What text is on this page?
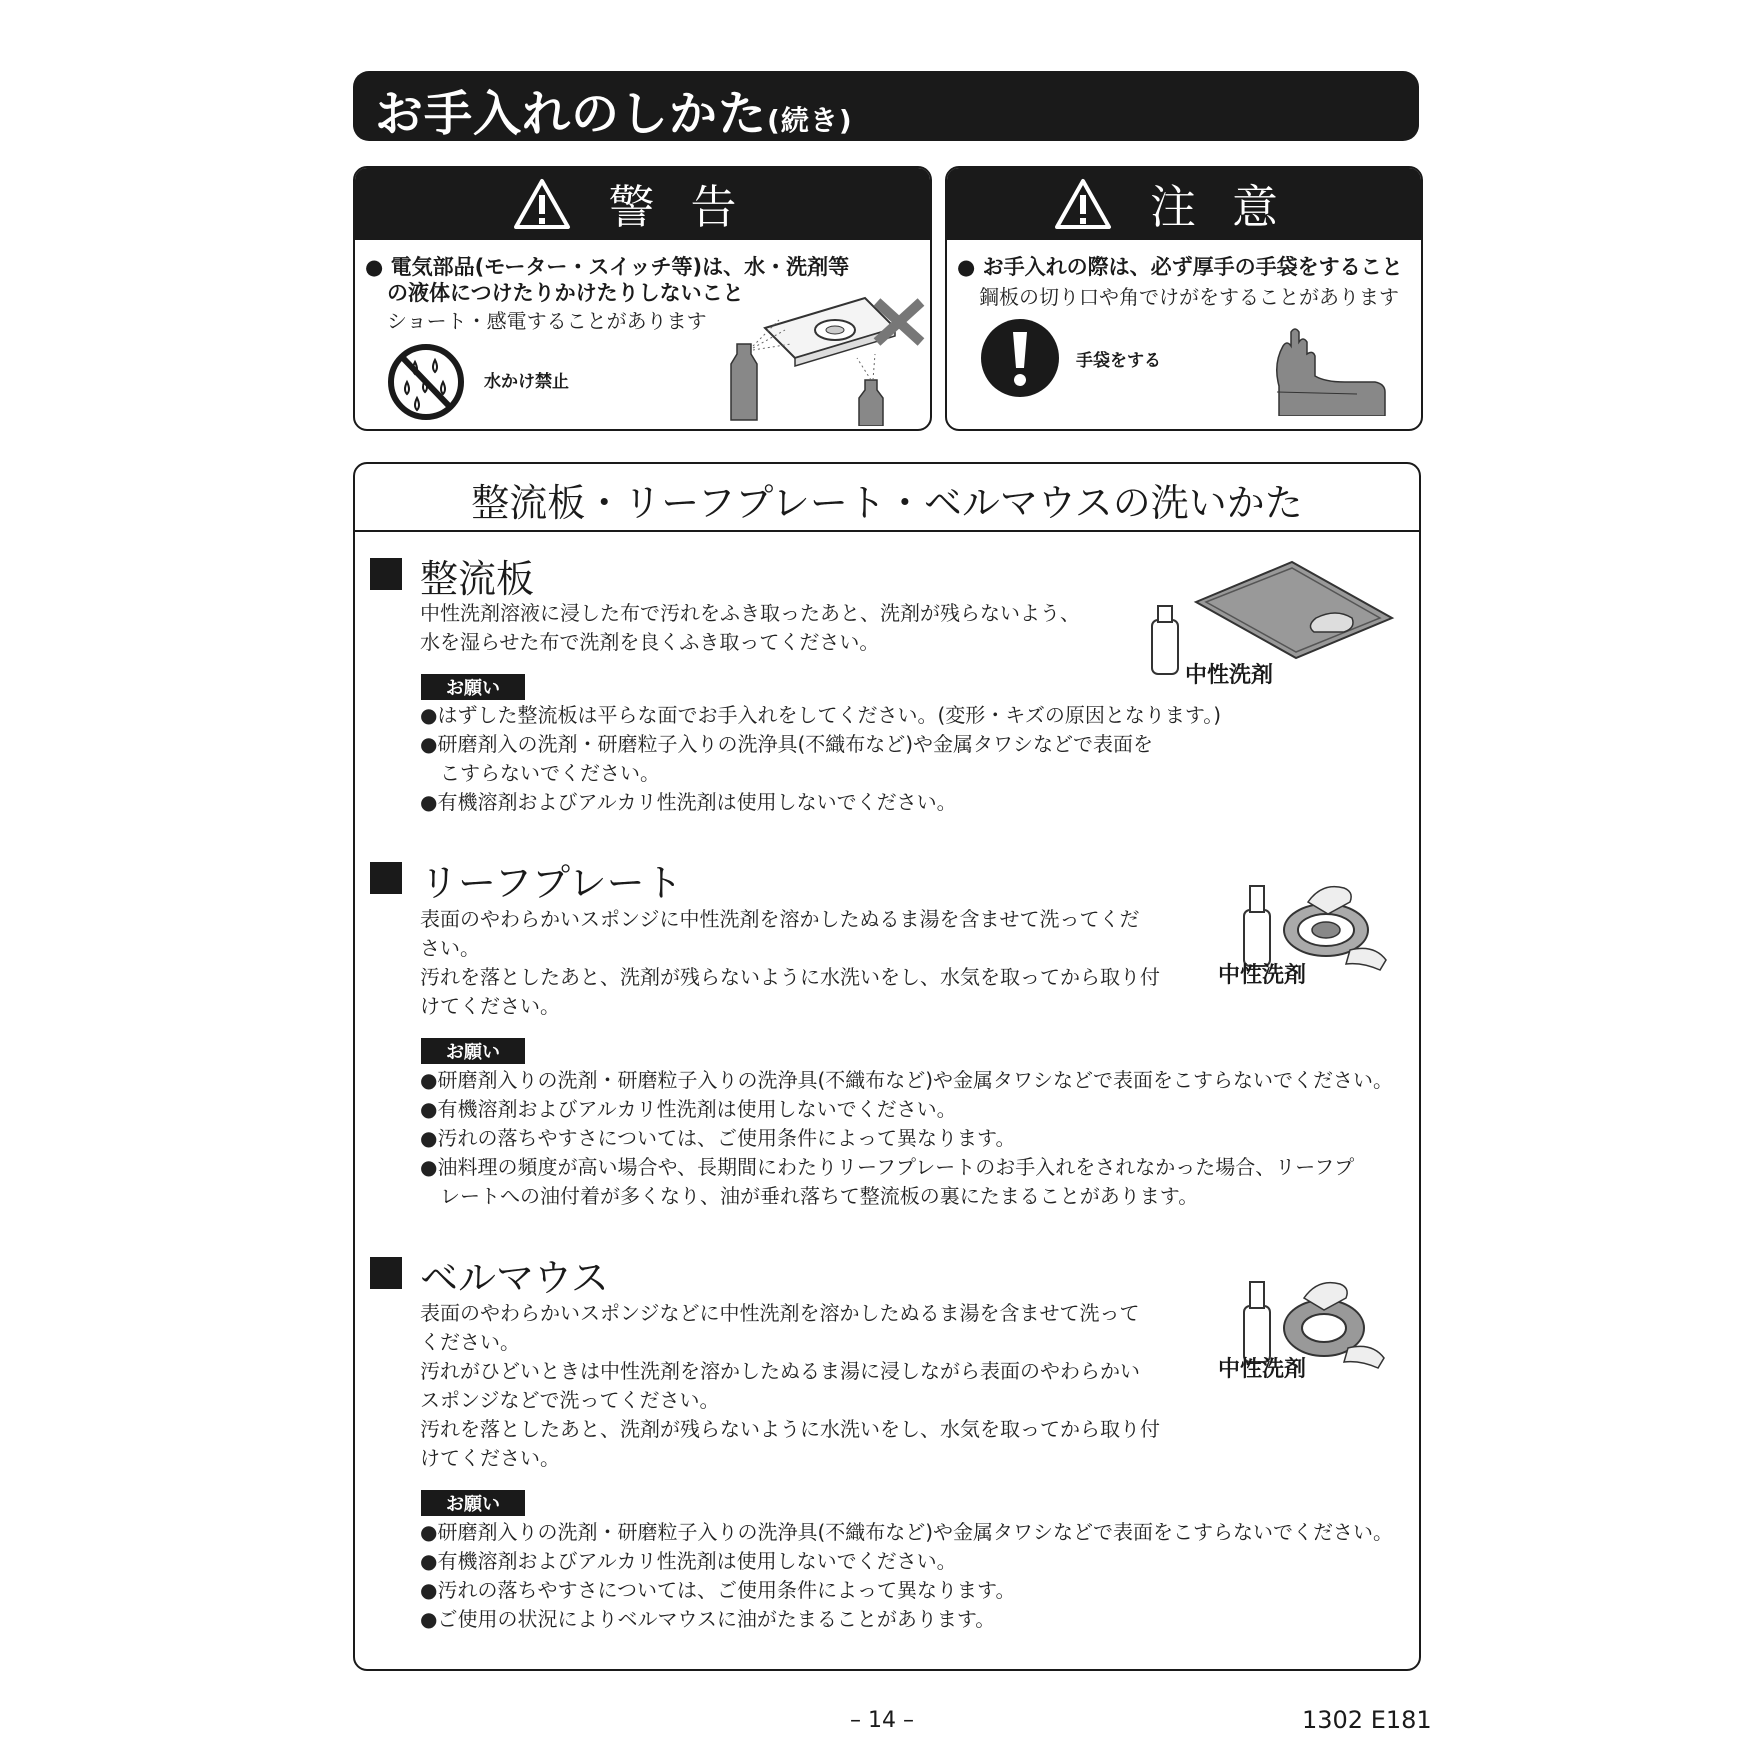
お手入れのしかた(続き)
警告
● 電気部品(モーター・スイッチ等)は、水・洗剤等
の液体につけたりかけたりしないこと
ショート・感電することがあります
水かけ禁止
注意
● お手入れの際は、必ず厚手の手袋をすること
鋼板の切り口や角でけがをすることがあります
手袋をする
整流板・リーフプレート・ベルマウスの洗いかた
整流板
中性洗剤溶液に浸した布で汚れをふき取ったあと、洗剤が残らないよう、
水を湿らせた布で洗剤を良くふき取ってください。
お願い
●はずした整流板は平らな面でお手入れをしてください。(変形・キズの原因となります。)
●研磨剤入の洗剤・研磨粒子入りの洗浄具(不織布など)や金属タワシなどで表面を
　こすらないでください。
●有機溶剤およびアルカリ性洗剤は使用しないでください。
中性洗剤
リーフプレート
表面のやわらかいスポンジに中性洗剤を溶かしたぬるま湯を含ませて洗ってくだ
さい。
汚れを落としたあと、洗剤が残らないように水洗いをし、水気を取ってから取り付
けてください。
お願い
●研磨剤入りの洗剤・研磨粒子入りの洗浄具(不織布など)や金属タワシなどで表面をこすらないでください。
●有機溶剤およびアルカリ性洗剤は使用しないでください。
●汚れの落ちやすさについては、ご使用条件によって異なります。
●油料理の頻度が高い場合や、長期間にわたりリーフプレートのお手入れをされなかった場合、リーフプ
　レートへの油付着が多くなり、油が垂れ落ちて整流板の裏にたまることがあります。
中性洗剤
ベルマウス
表面のやわらかいスポンジなどに中性洗剤を溶かしたぬるま湯を含ませて洗って
ください。
汚れがひどいときは中性洗剤を溶かしたぬるま湯に浸しながら表面のやわらかい
スポンジなどで洗ってください。
汚れを落としたあと、洗剤が残らないように水洗いをし、水気を取ってから取り付
けてください。
お願い
●研磨剤入りの洗剤・研磨粒子入りの洗浄具(不織布など)や金属タワシなどで表面をこすらないでください。
●有機溶剤およびアルカリ性洗剤は使用しないでください。
●汚れの落ちやすさについては、ご使用条件によって異なります。
●ご使用の状況によりベルマウスに油がたまることがあります。
中性洗剤
– 14 –	1302 E181
